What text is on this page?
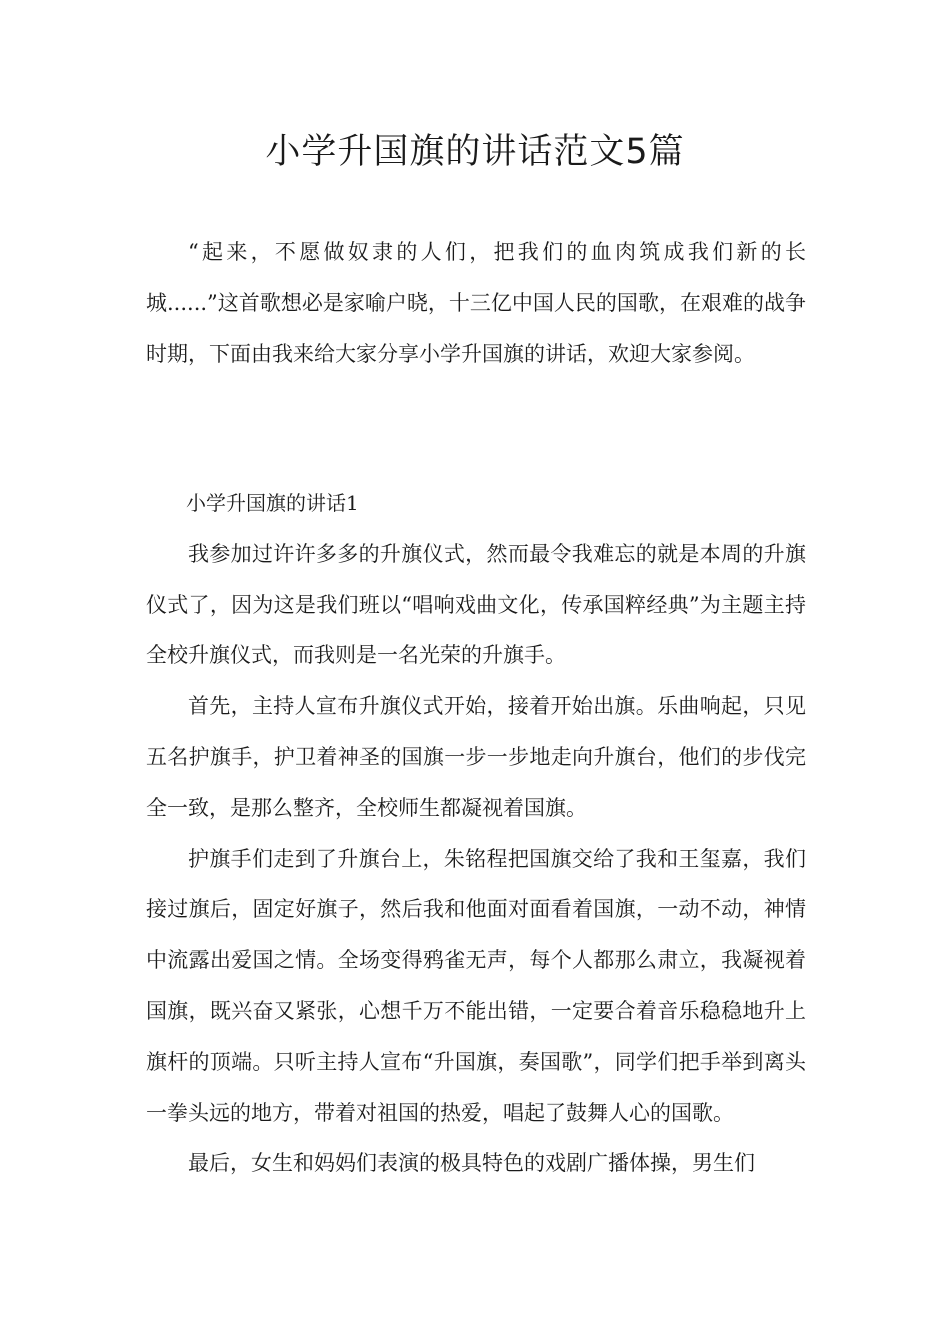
小学升国旗的讲话范文5篇

“起来，不愿做奴隶的人们，把我们的血肉筑成我们新的长城......”这首歌想必是家喻户晓，十三亿中国人民的国歌，在艰难的战争时期，下面由我来给大家分享小学升国旗的讲话，欢迎大家参阅。

小学升国旗的讲话1

我参加过许许多多的升旗仪式，然而最令我难忘的就是本周的升旗仪式了，因为这是我们班以“唱响戏曲文化，传承国粹经典”为主题主持全校升旗仪式，而我则是一名光荣的升旗手。

首先，主持人宣布升旗仪式开始，接着开始出旗。乐曲响起，只见五名护旗手，护卫着神圣的国旗一步一步地走向升旗台，他们的步伐完全一致，是那么整齐，全校师生都凝视着国旗。

护旗手们走到了升旗台上，朱铭程把国旗交给了我和王玺嘉，我们接过旗后，固定好旗子，然后我和他面对面看着国旗，一动不动，神情中流露出爱国之情。全场变得鸦雀无声，每个人都那么肃立，我凝视着国旗，既兴奋又紧张，心想千万不能出错，一定要合着音乐稳稳地升上旗杆的顶端。只听主持人宣布“升国旗，奏国歌”，同学们把手举到离头一拳头远的地方，带着对祖国的热爱，唱起了鼓舞人心的国歌。

最后，女生和妈妈们表演的极具特色的戏剧广播体操，男生们
